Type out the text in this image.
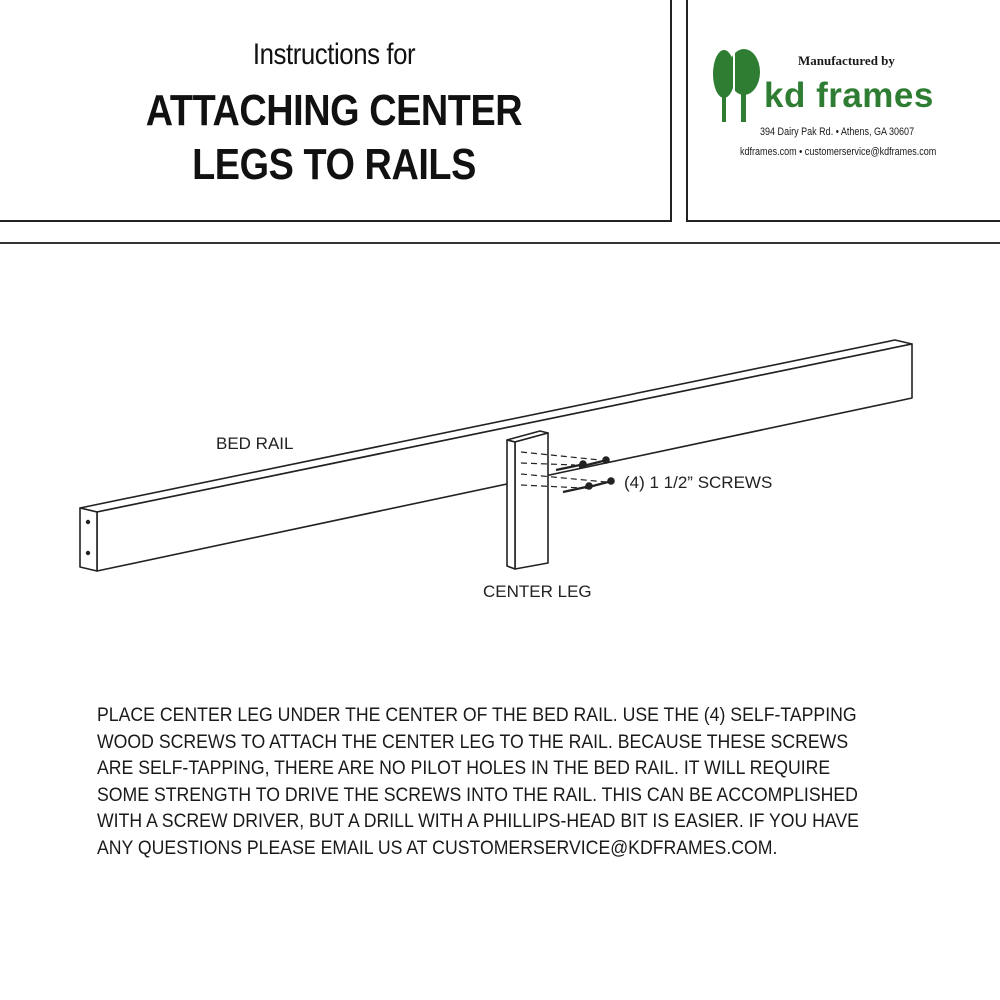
Instructions for
ATTACHING CENTER
LEGS TO RAILS
Manufactured by
kd frames
394 Dairy Pak Rd. • Athens, GA 30607
kdframes.com • customerservice@kdframes.com
BED RAIL
(4) 1 1/2” SCREWS
CENTER LEG
PLACE CENTER LEG UNDER THE CENTER OF THE BED RAIL. USE THE (4) SELF-TAPPING
WOOD SCREWS TO ATTACH THE CENTER LEG TO THE RAIL. BECAUSE THESE SCREWS
ARE SELF-TAPPING, THERE ARE NO PILOT HOLES IN THE BED RAIL. IT WILL REQUIRE
SOME STRENGTH TO DRIVE THE SCREWS INTO THE RAIL. THIS CAN BE ACCOMPLISHED
WITH A SCREW DRIVER, BUT A DRILL WITH A PHILLIPS-HEAD BIT IS EASIER. IF YOU HAVE
ANY QUESTIONS PLEASE EMAIL US AT CUSTOMERSERVICE@KDFRAMES.COM.
